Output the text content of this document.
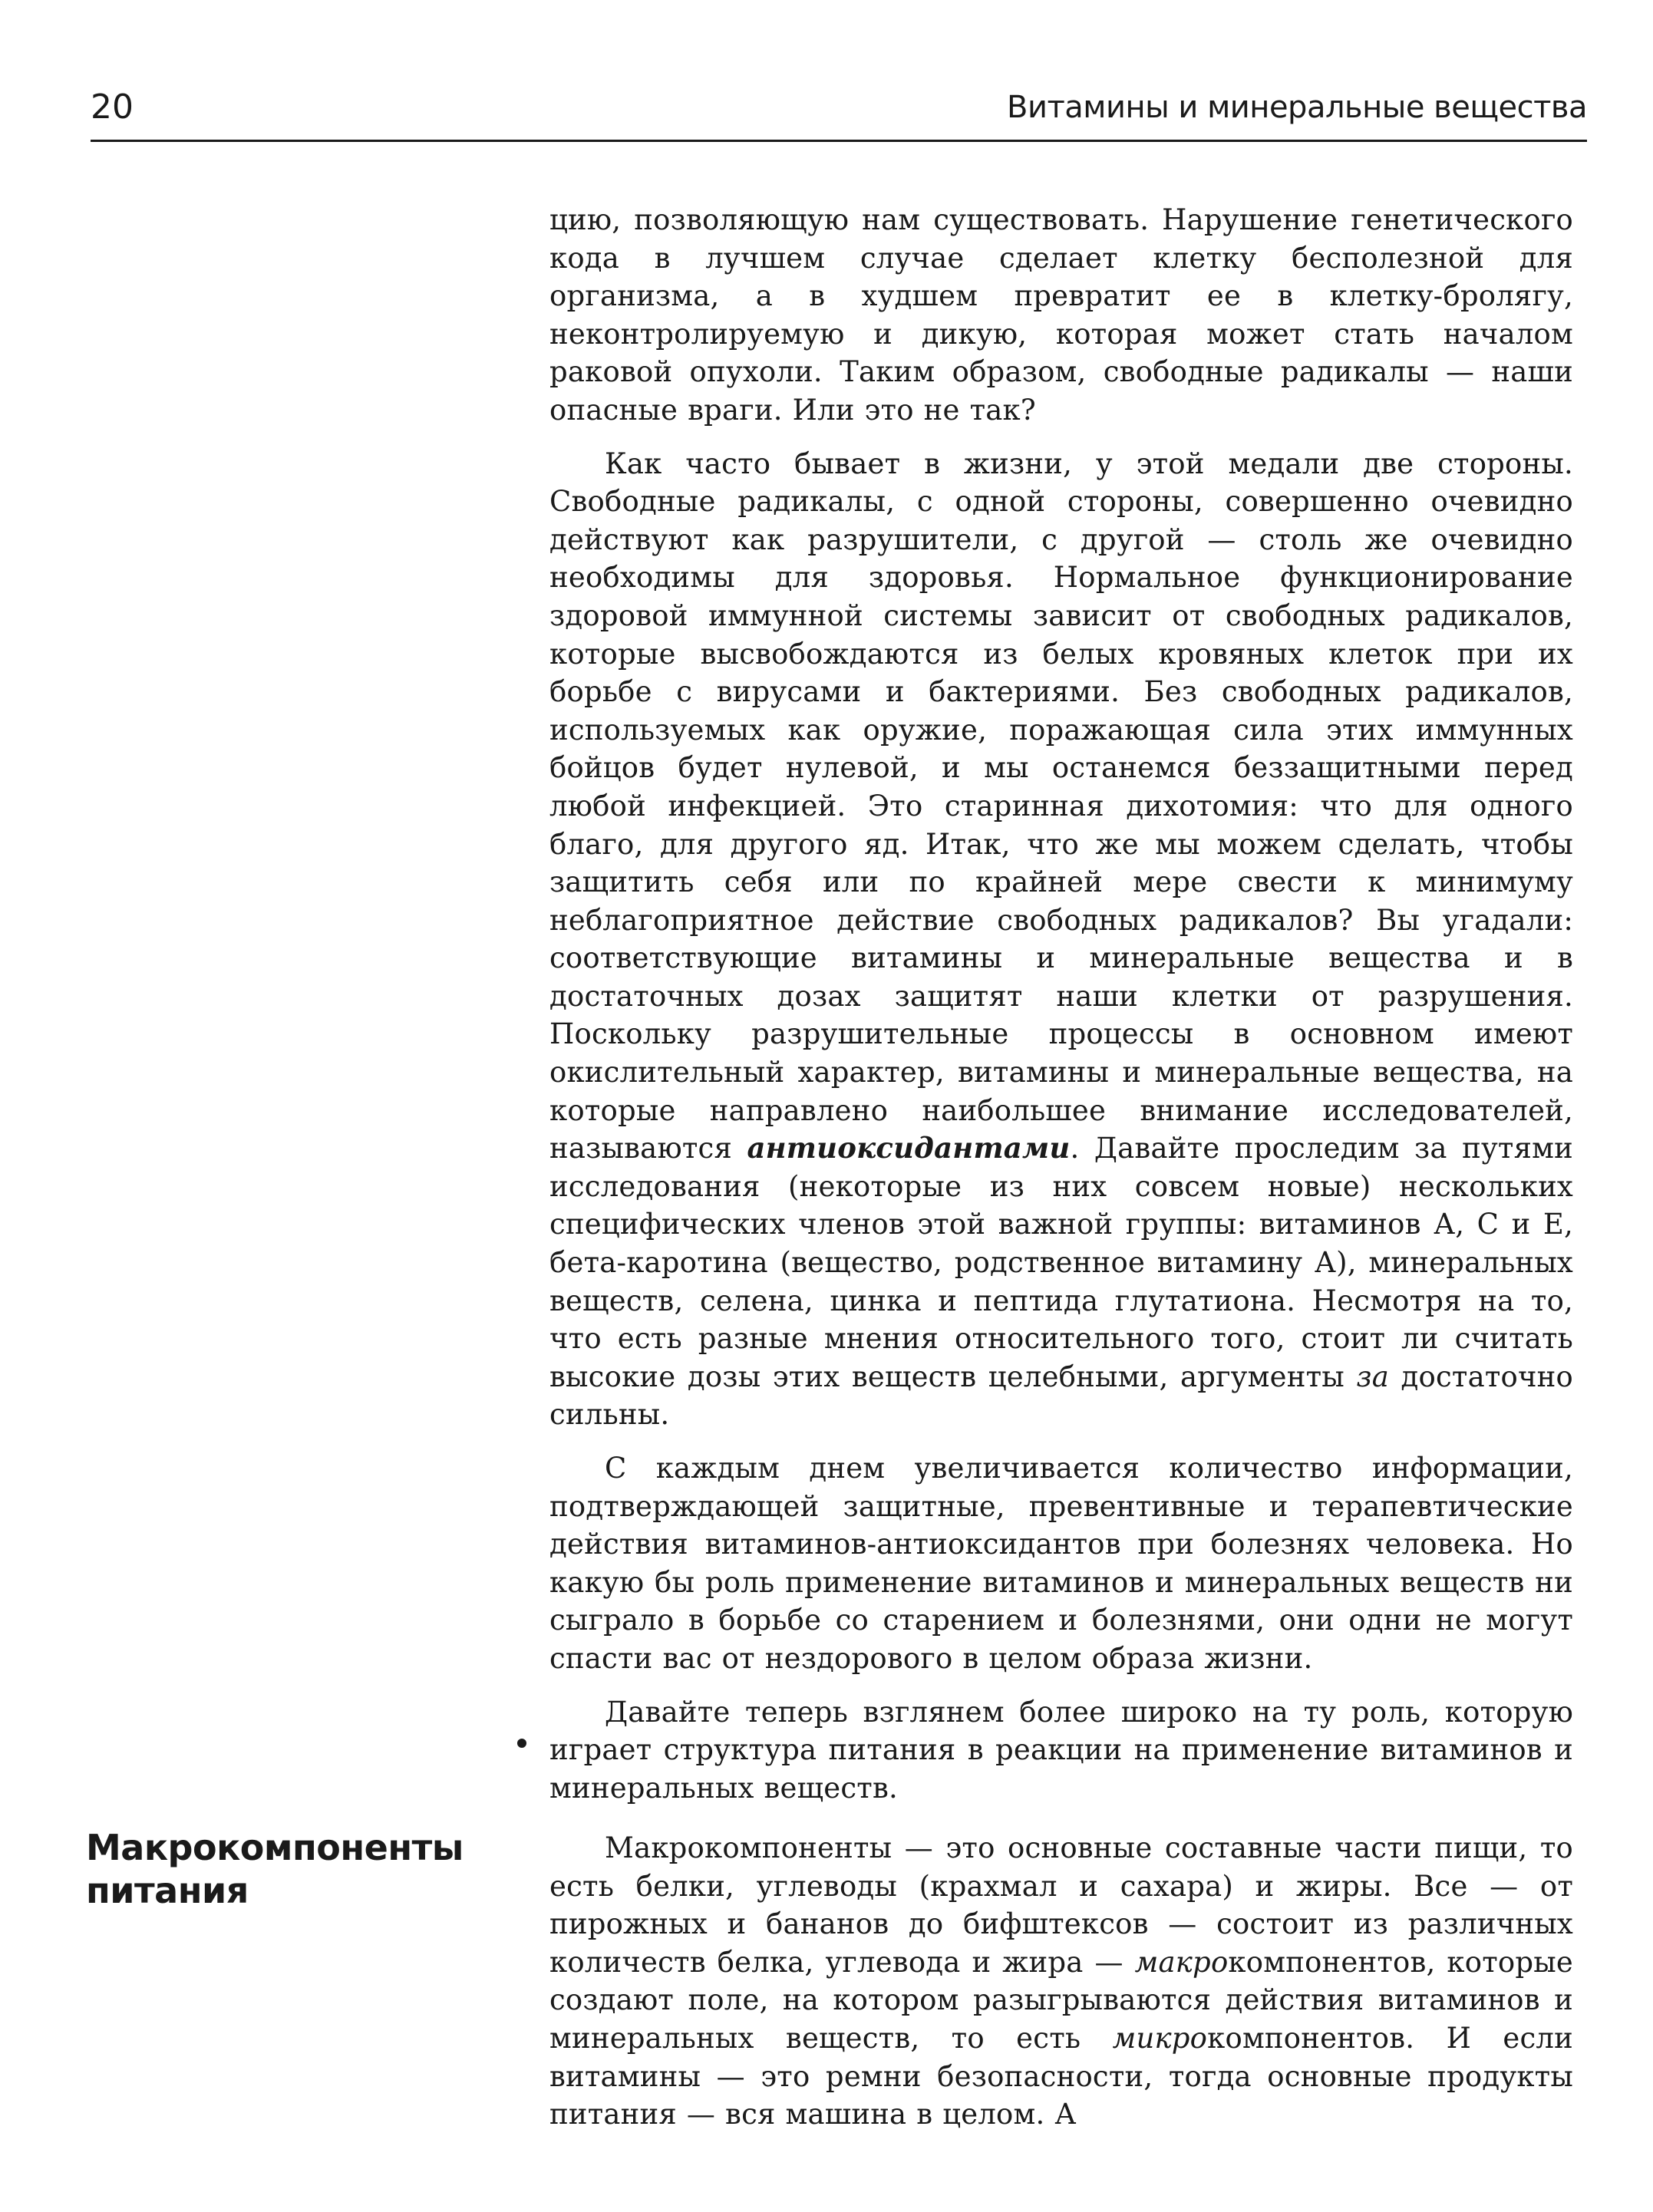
20	Витамины и минеральные вещества

цию, позволяющую нам существовать. Нарушение генетического кода в лучшем случае сделает клетку бесполезной для организма, а в худшем превратит ее в клетку-бролягу, неконтролируемую и дикую, которая может стать началом раковой опухоли. Таким образом, свободные радикалы — наши опасные враги. Или это не так?

Как часто бывает в жизни, у этой медали две стороны. Свободные радикалы, с одной стороны, совершенно очевидно действуют как разрушители, с другой — столь же очевидно необходимы для здоровья. Нормальное функционирование здоровой иммунной системы зависит от свободных радикалов, которые высвобождаются из белых кровяных клеток при их борьбе с вирусами и бактериями. Без свободных радикалов, используемых как оружие, поражающая сила этих иммунных бойцов будет нулевой, и мы останемся беззащитными перед любой инфекцией. Это старинная дихотомия: что для одного благо, для другого яд. Итак, что же мы можем сделать, чтобы защитить себя или по крайней мере свести к минимуму неблагоприятное действие свободных радикалов? Вы угадали: соответствующие витамины и минеральные вещества и в достаточных дозах защитят наши клетки от разрушения. Поскольку разрушительные процессы в основном имеют окислительный характер, витамины и минеральные вещества, на которые направлено наибольшее внимание исследователей, называются антиоксидантами. Давайте проследим за путями исследования (некоторые из них совсем новые) нескольких специфических членов этой важной группы: витаминов А, С и Е, бета-каротина (вещество, родственное витамину А), минеральных веществ, селена, цинка и пептида глутатиона. Несмотря на то, что есть разные мнения относительного того, стоит ли считать высокие дозы этих веществ целебными, аргументы за достаточно сильны.

С каждым днем увеличивается количество информации, подтверждающей защитные, превентивные и терапевтические действия витаминов-антиоксидантов при болезнях человека. Но какую бы роль применение витаминов и минеральных веществ ни сыграло в борьбе со старением и болезнями, они одни не могут спасти вас от нездорового в целом образа жизни.

Давайте теперь взглянем более широко на ту роль, которую играет структура питания в реакции на применение витаминов и минеральных веществ.

Макрокомпоненты питания

Макрокомпоненты — это основные составные части пищи, то есть белки, углеводы (крахмал и сахара) и жиры. Все — от пирожных и бананов до бифштексов — состоит из различных количеств белка, углевода и жира — макрокомпонентов, которые создают поле, на котором разыгрываются действия витаминов и минеральных веществ, то есть микрокомпонентов. И если витамины — это ремни безопасности, тогда основные продукты питания — вся машина в целом. А
